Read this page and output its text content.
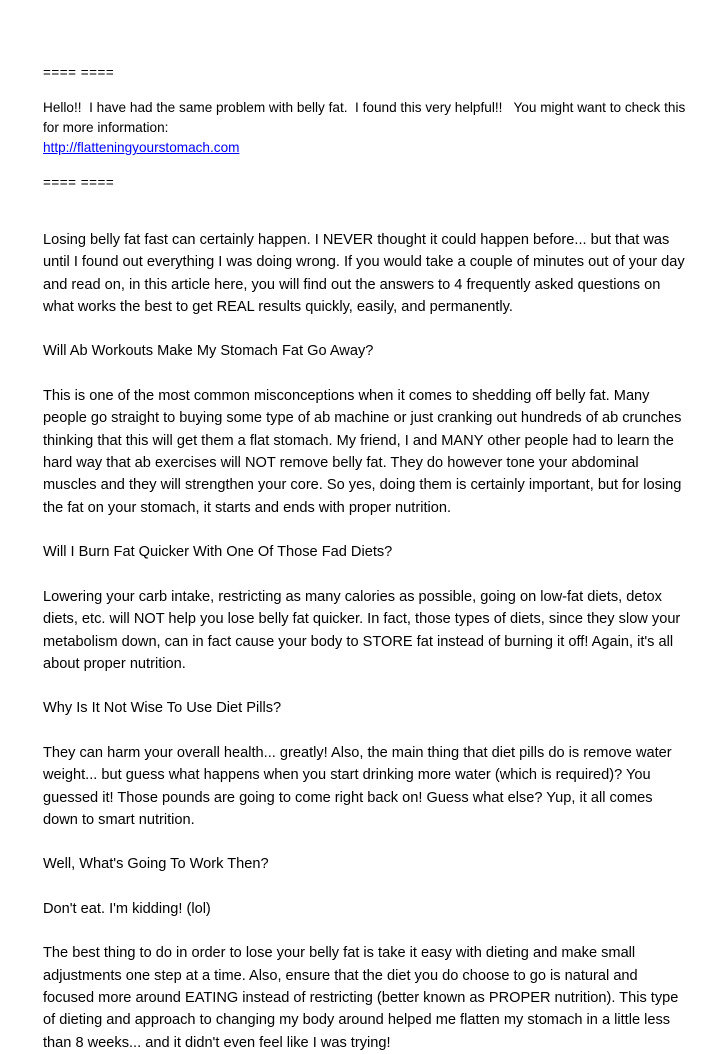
==== ====

Hello!!  I have had the same problem with belly fat.  I found this very helpful!!   You might want to check this for more information:

http://flatteningyourstomach.com

==== ====

Losing belly fat fast can certainly happen. I NEVER thought it could happen before... but that was until I found out everything I was doing wrong. If you would take a couple of minutes out of your day and read on, in this article here, you will find out the answers to 4 frequently asked questions on what works the best to get REAL results quickly, easily, and permanently.

Will Ab Workouts Make My Stomach Fat Go Away?

This is one of the most common misconceptions when it comes to shedding off belly fat. Many people go straight to buying some type of ab machine or just cranking out hundreds of ab crunches thinking that this will get them a flat stomach. My friend, I and MANY other people had to learn the hard way that ab exercises will NOT remove belly fat. They do however tone your abdominal muscles and they will strengthen your core. So yes, doing them is certainly important, but for losing the fat on your stomach, it starts and ends with proper nutrition.

Will I Burn Fat Quicker With One Of Those Fad Diets?

Lowering your carb intake, restricting as many calories as possible, going on low-fat diets, detox diets, etc. will NOT help you lose belly fat quicker. In fact, those types of diets, since they slow your metabolism down, can in fact cause your body to STORE fat instead of burning it off! Again, it's all about proper nutrition.

Why Is It Not Wise To Use Diet Pills?

They can harm your overall health... greatly! Also, the main thing that diet pills do is remove water weight... but guess what happens when you start drinking more water (which is required)? You guessed it! Those pounds are going to come right back on! Guess what else? Yup, it all comes down to smart nutrition.

Well, What's Going To Work Then?

Don't eat. I'm kidding! (lol)

The best thing to do in order to lose your belly fat is take it easy with dieting and make small adjustments one step at a time. Also, ensure that the diet you do choose to go is natural and focused more around EATING instead of restricting (better known as PROPER nutrition). This type of dieting and approach to changing my body around helped me flatten my stomach in a little less than 8 weeks... and it didn't even feel like I was trying!
